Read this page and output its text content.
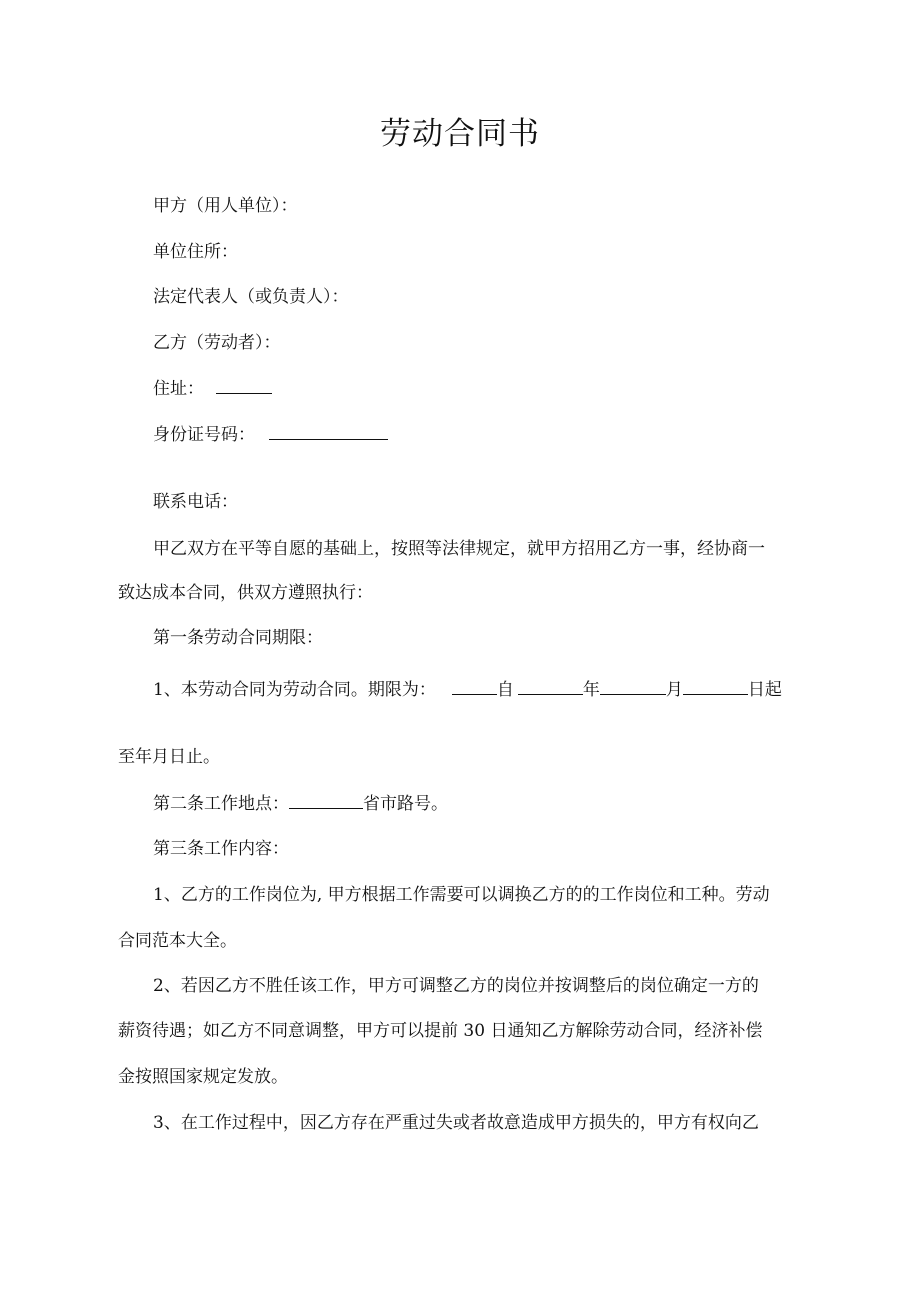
劳动合同书

甲方（用人单位）：

单位住所：

法定代表人（或负责人）：

乙方（劳动者）：

住址：

身份证号码：

联系电话：

甲乙双方在平等自愿的基础上，按照等法律规定，就甲方招用乙方一事，经协商一

致达成本合同，供双方遵照执行：

第一条劳动合同期限：

1、本劳动合同为劳动合同。期限为：	自	年	月	日起

至年月日止。

第二条工作地点：	省市路号。

第三条工作内容：

1、乙方的工作岗位为, 甲方根据工作需要可以调换乙方的的工作岗位和工种。劳动

合同范本大全。

2、若因乙方不胜任该工作，甲方可调整乙方的岗位并按调整后的岗位确定一方的

薪资待遇；如乙方不同意调整，甲方可以提前 30 日通知乙方解除劳动合同，经济补偿

金按照国家规定发放。

3、在工作过程中，因乙方存在严重过失或者故意造成甲方损失的，甲方有权向乙
